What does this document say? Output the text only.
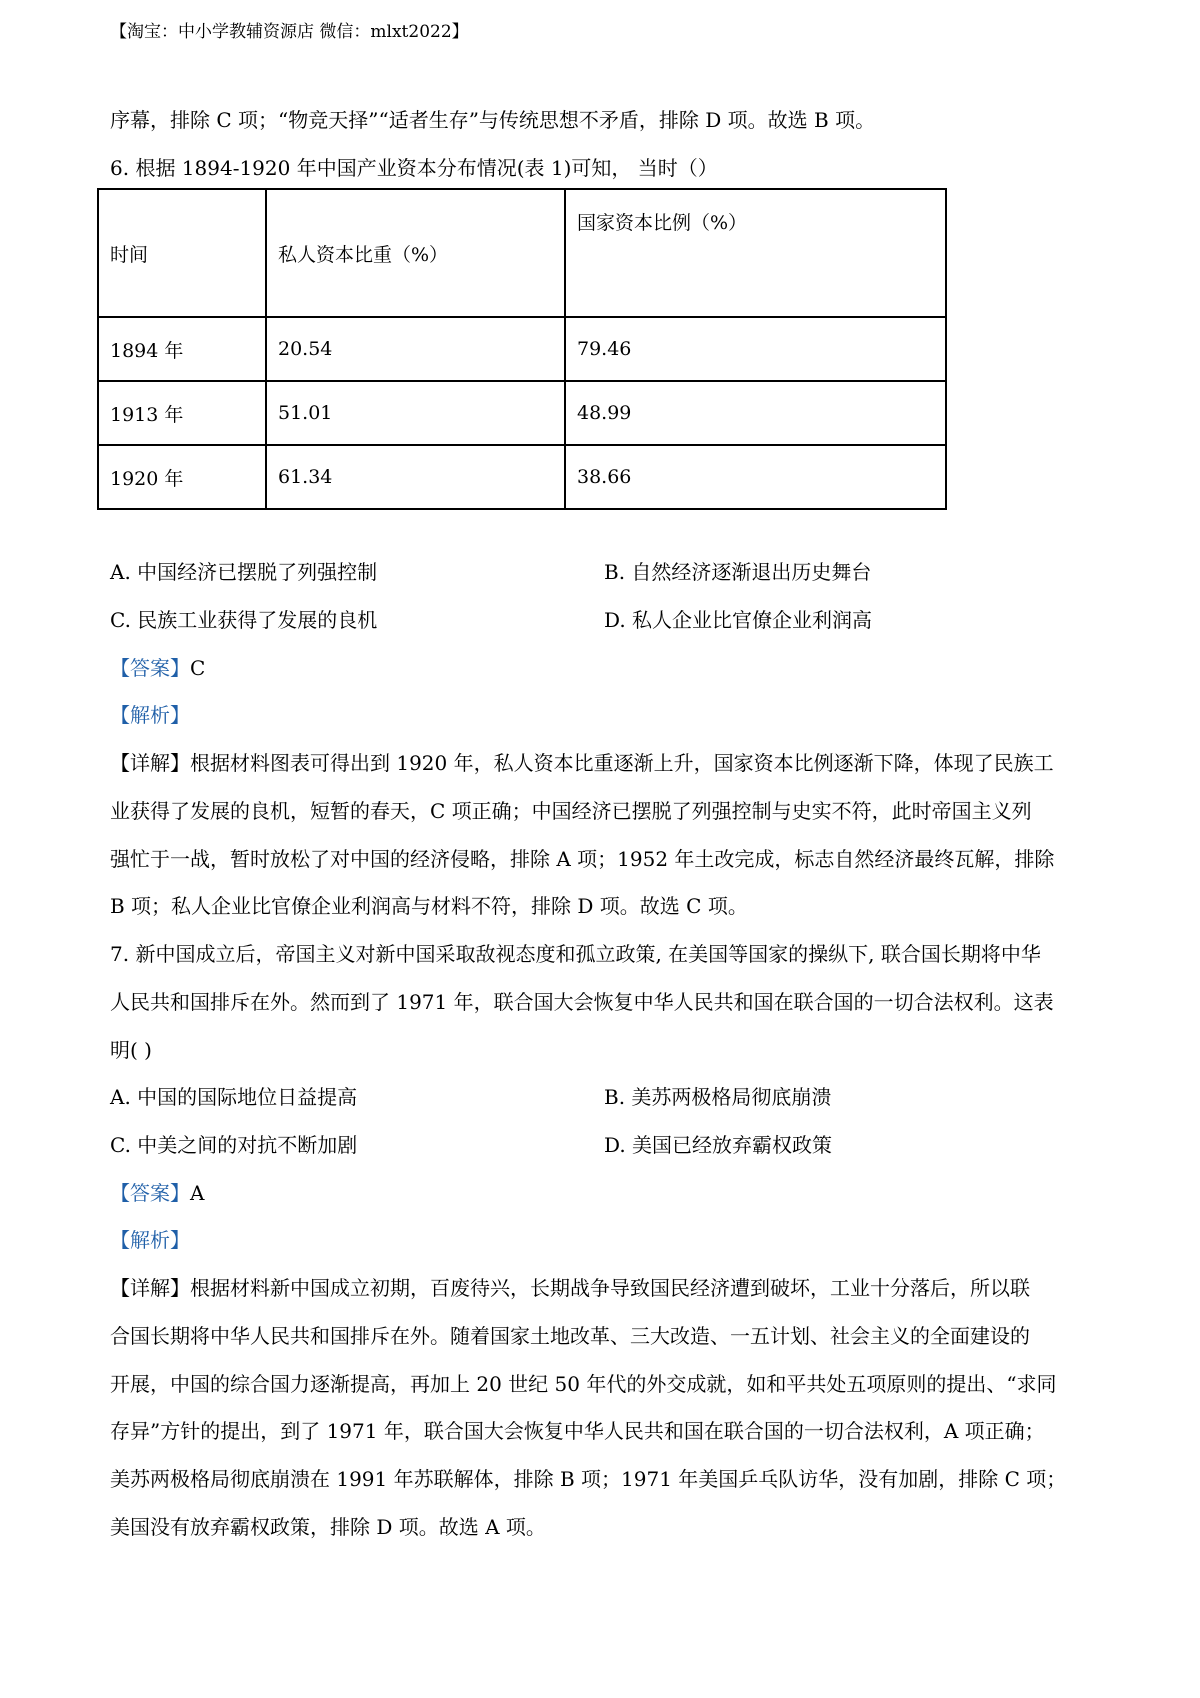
【淘宝：中小学教辅资源店 微信：mlxt2022】
序幕，排除 C 项；“物竞天择”“适者生存”与传统思想不矛盾，排除 D 项。故选 B 项。
6. 根据 1894-1920 年中国产业资本分布情况(表 1)可知， 当时（）
时间	私人资本比重（%）	国家资本比例（%）
1894 年	20.54	79.46
1913 年	51.01	48.99
1920 年	61.34	38.66
A. 中国经济已摆脱了列强控制	B. 自然经济逐渐退出历史舞台
C. 民族工业获得了发展的良机	D. 私人企业比官僚企业利润高
【答案】C
【解析】
【详解】根据材料图表可得出到 1920 年，私人资本比重逐渐上升，国家资本比例逐渐下降，体现了民族工
业获得了发展的良机，短暂的春天，C 项正确；中国经济已摆脱了列强控制与史实不符，此时帝国主义列
强忙于一战，暂时放松了对中国的经济侵略，排除 A 项；1952 年土改完成，标志自然经济最终瓦解，排除
B 项；私人企业比官僚企业利润高与材料不符，排除 D 项。故选 C 项。
7. 新中国成立后，帝国主义对新中国采取敌视态度和孤立政策, 在美国等国家的操纵下, 联合国长期将中华
人民共和国排斥在外。然而到了 1971 年，联合国大会恢复中华人民共和国在联合国的一切合法权利。这表
明( )
A. 中国的国际地位日益提高	B. 美苏两极格局彻底崩溃
C. 中美之间的对抗不断加剧	D. 美国已经放弃霸权政策
【答案】A
【解析】
【详解】根据材料新中国成立初期，百废待兴，长期战争导致国民经济遭到破坏，工业十分落后，所以联
合国长期将中华人民共和国排斥在外。随着国家土地改革、三大改造、一五计划、社会主义的全面建设的
开展，中国的综合国力逐渐提高，再加上 20 世纪 50 年代的外交成就，如和平共处五项原则的提出、“求同
存异”方针的提出，到了 1971 年，联合国大会恢复中华人民共和国在联合国的一切合法权利，A 项正确；
美苏两极格局彻底崩溃在 1991 年苏联解体，排除 B 项；1971 年美国乒乓队访华，没有加剧，排除 C 项；
美国没有放弃霸权政策，排除 D 项。故选 A 项。
